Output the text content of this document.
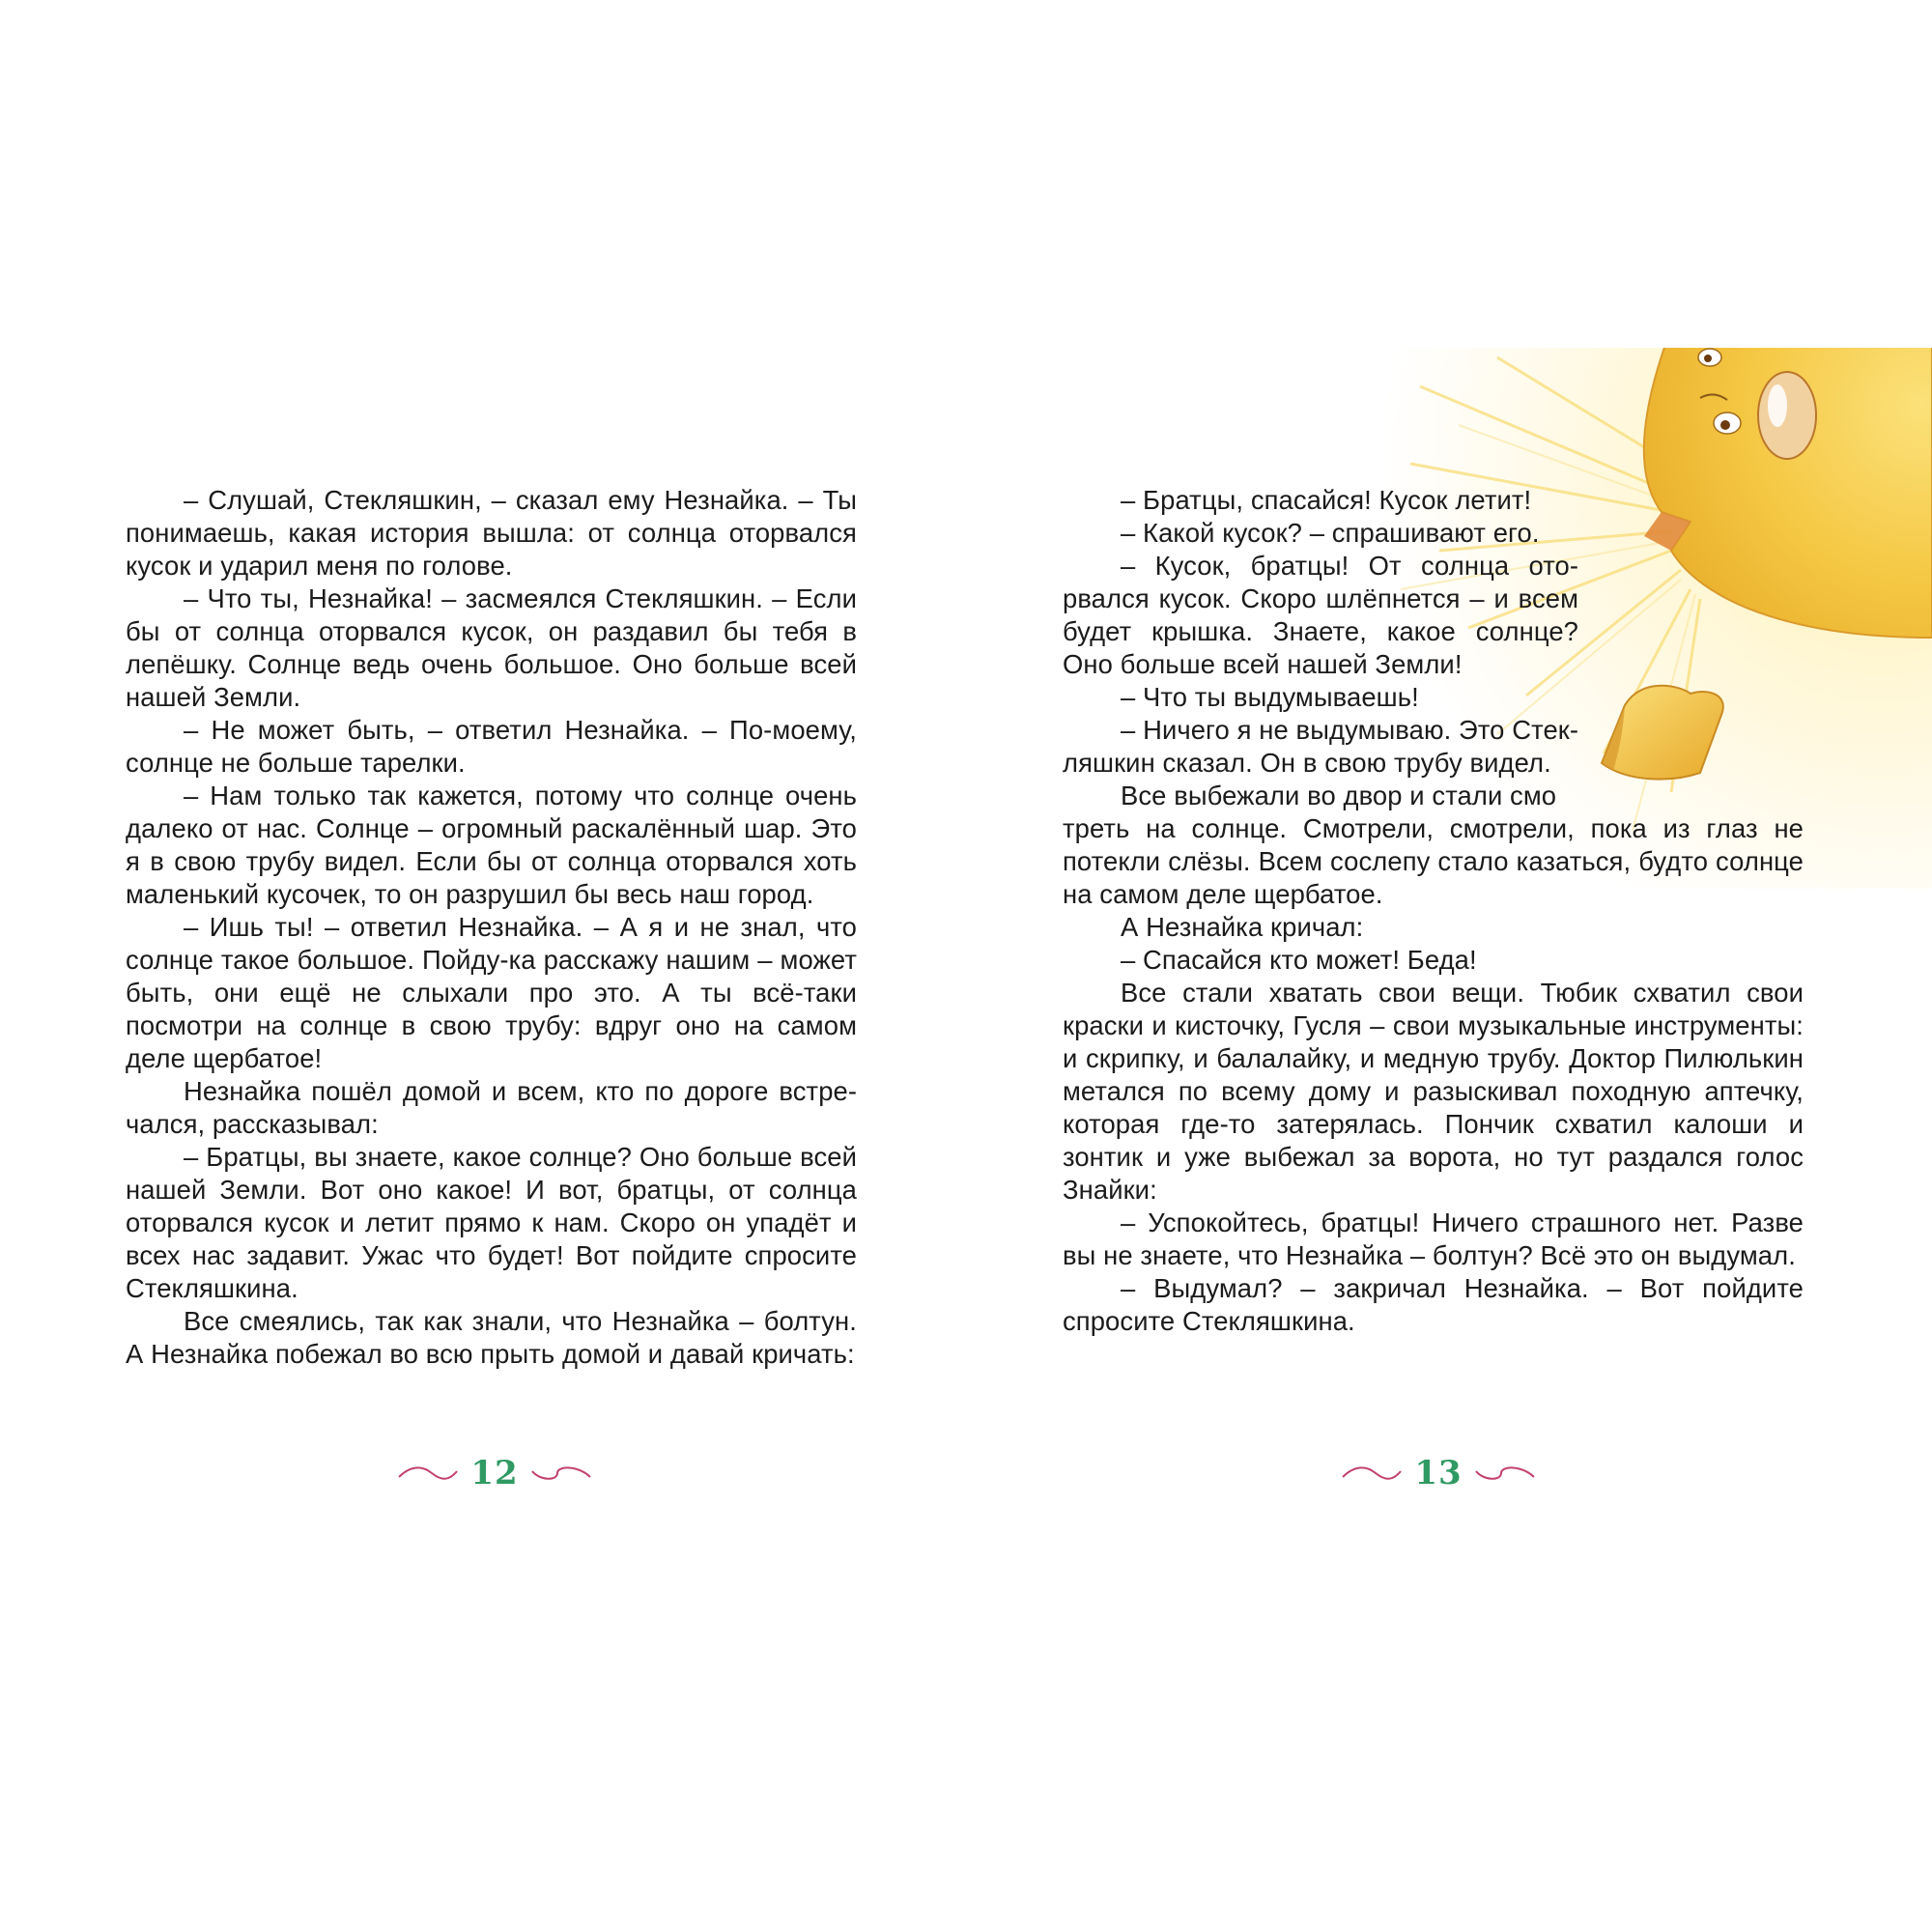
– Слушай, Стекляшкин, – сказал ему Незнайка. – Ты понимаешь, какая история вышла: от солнца оторвался кусок и ударил меня по голове.

– Что ты, Незнайка! – засмеялся Стекляшкин. – Если бы от солнца оторвался кусок, он раздавил бы тебя в лепёшку. Солнце ведь очень большое. Оно больше всей нашей Земли.

– Не может быть, – ответил Незнайка. – По-моему, солнце не больше тарелки.

– Нам только так кажется, потому что солнце очень далеко от нас. Солнце – огромный раскалённый шар. Это я в свою трубу видел. Если бы от солнца оторвался хоть маленький кусочек, то он разрушил бы весь наш город.

– Ишь ты! – ответил Незнайка. – А я и не знал, что солнце такое большое. Пойду-ка расскажу нашим – может быть, они ещё не слыхали про это. А ты всё-таки посмотри на солнце в свою трубу: вдруг оно на самом деле щербатое!

Незнайка пошёл домой и всем, кто по дороге встречался, рассказывал:

– Братцы, вы знаете, какое солнце? Оно больше всей нашей Земли. Вот оно какое! И вот, братцы, от солнца оторвался кусок и летит прямо к нам. Скоро он упадёт и всех нас задавит. Ужас что будет! Вот пойдите спросите Стекляшкина.

Все смеялись, так как знали, что Незнайка – болтун. А Незнайка побежал во всю прыть домой и давай кричать:

– Братцы, спасайся! Кусок летит!

– Какой кусок? – спрашивают его.

– Кусок, братцы! От солнца оторвался кусок. Скоро шлёпнется – и всем будет крышка. Знаете, какое солнце? Оно больше всей нашей Земли!

– Что ты выдумываешь!

– Ничего я не выдумываю. Это Стекляшкин сказал. Он в свою трубу видел.

Все выбежали во двор и стали смо

треть на солнце. Смотрели, смотрели, пока из глаз не потекли слёзы. Всем сослепу стало казаться, будто солнце на самом деле щербатое.

А Незнайка кричал:

– Спасайся кто может! Беда!

Все стали хватать свои вещи. Тюбик схватил свои краски и кисточку, Гусля – свои музыкальные инструменты: и скрипку, и балалайку, и медную трубу. Доктор Пилюлькин метался по всему дому и разыскивал походную аптечку, которая где-то затерялась. Пончик схватил калоши и зонтик и уже выбежал за ворота, но тут раздался голос Знайки:

– Успокойтесь, братцы! Ничего страшного нет. Разве вы не знаете, что Незнайка – болтун? Всё это он выдумал.

– Выдумал? – закричал Незнайка. – Вот пойдите спросите Стекляшкина.

12	13
